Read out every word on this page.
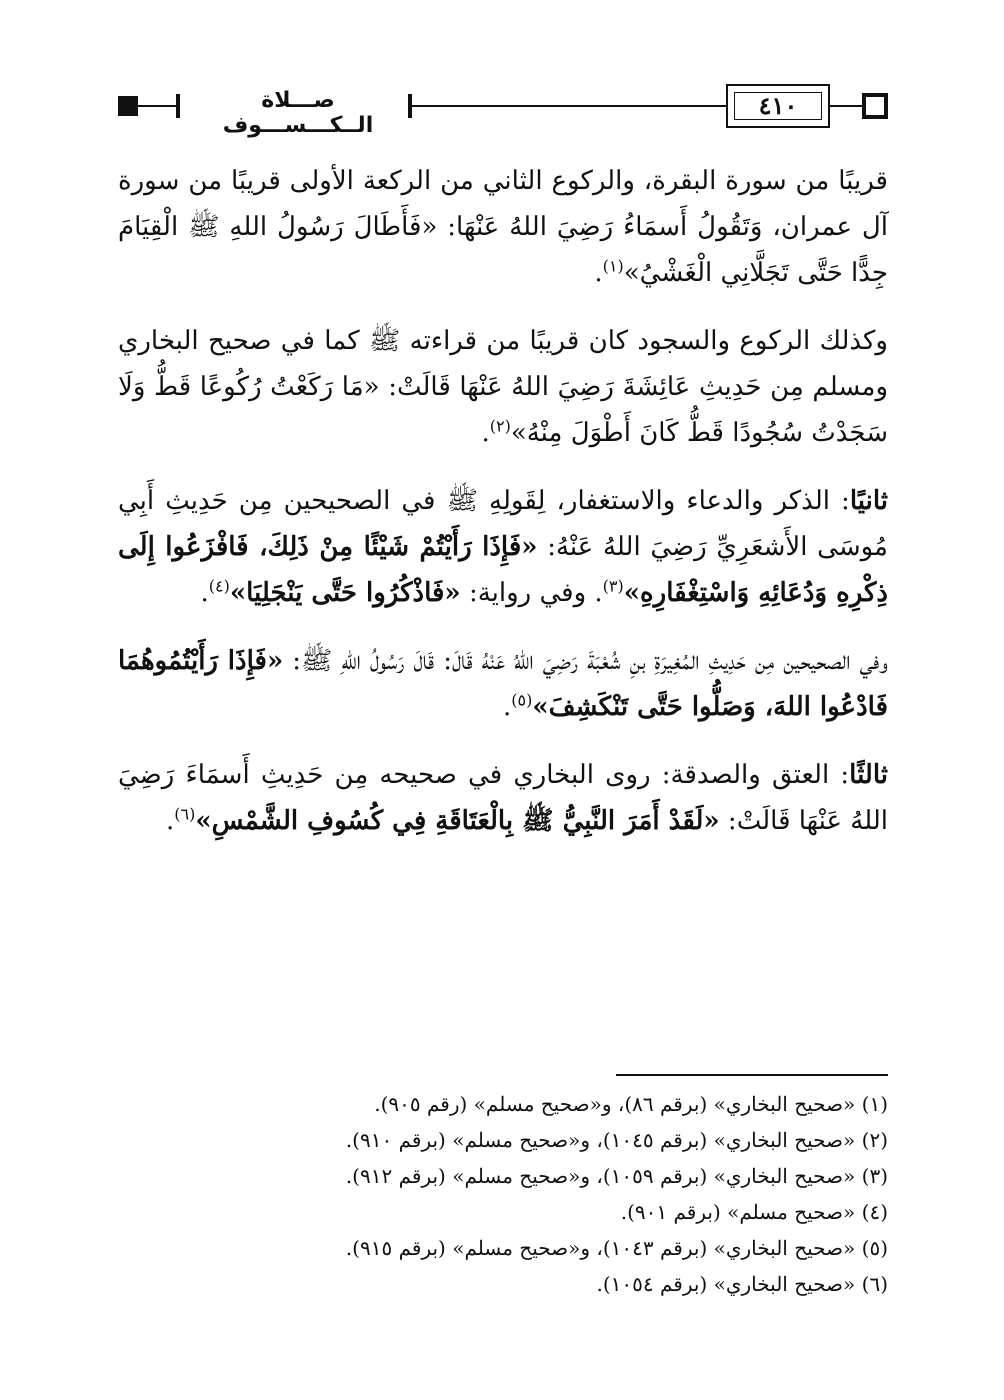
صـــلاة الــكـــســـوف
٤١٠

قريبًا من سورة البقرة، والركوع الثاني من الركعة الأولى قريبًا من سورة آل عمران، وَتَقُولُ أَسمَاءُ رَضِيَ اللهُ عَنْهَا: «فَأَطَالَ رَسُولُ اللهِ ﷺ الْقِيَامَ جِدًّا حَتَّى تَجَلَّانِي الْغَشْيُ»$^{(١)}$.

وكذلك الركوع والسجود كان قريبًا من قراءته ﷺ كما في صحيح البخاري ومسلم مِن حَدِيثِ عَائِشَةَ رَضِيَ اللهُ عَنْهَا قَالَتْ: «مَا رَكَعْتُ رُكُوعًا قَطُّ وَلَا سَجَدْتُ سُجُودًا قَطُّ كَانَ أَطْوَلَ مِنْهُ»$^{(٢)}$.

ثانيًا: الذكر والدعاء والاستغفار، لِقَولِهِ ﷺ في الصحيحين مِن حَدِيثِ أَبِي مُوسَى الأَشعَرِيِّ رَضِيَ اللهُ عَنْهُ: «فَإِذَا رَأَيْتُمْ شَيْئًا مِنْ ذَلِكَ، فَافْزَعُوا إِلَى ذِكْرِهِ وَدُعَائِهِ وَاسْتِغْفَارِهِ»$^{(٣)}$. وفي رواية: «فَاذْكُرُوا حَتَّى يَنْجَلِيَا»$^{(٤)}$.

وفي الصحيحين مِن حَدِيثِ المُغِيرَةِ بنِ شُعْبَةَ رَضِيَ اللهُ عَنْهُ قَالَ: قَالَ رَسُولُ اللهِ ﷺ: «فَإِذَا رَأَيْتُمُوهُمَا فَادْعُوا اللهَ، وَصَلُّوا حَتَّى تَنْكَشِفَ»$^{(٥)}$.

ثالثًا: العتق والصدقة: روى البخاري في صحيحه مِن حَدِيثِ أَسمَاءَ رَضِيَ اللهُ عَنْهَا قَالَتْ: «لَقَدْ أَمَرَ النَّبِيُّ ﷺ بِالْعَتَاقَةِ فِي كُسُوفِ الشَّمْسِ»$^{(٦)}$.

(١) «صحيح البخاري» (برقم ٨٦)، و«صحيح مسلم» (رقم ٩٠٥).

(٢) «صحيح البخاري» (برقم ١٠٤٥)، و«صحيح مسلم» (برقم ٩١٠).

(٣) «صحيح البخاري» (برقم ١٠٥٩)، و«صحيح مسلم» (برقم ٩١٢).

(٤) «صحيح مسلم» (برقم ٩٠١).

(٥) «صحيح البخاري» (برقم ١٠٤٣)، و«صحيح مسلم» (برقم ٩١٥).

(٦) «صحيح البخاري» (برقم ١٠٥٤).
